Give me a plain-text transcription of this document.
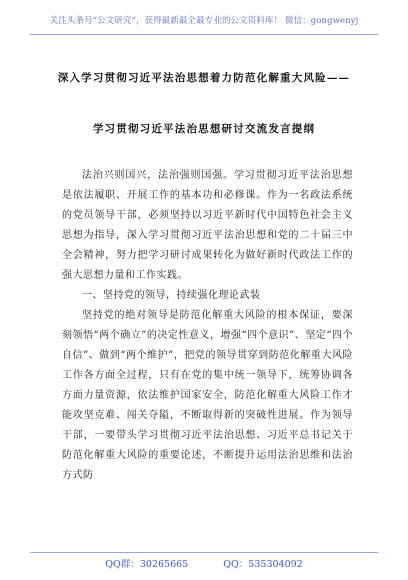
关注头条号“公文研究”，获得最新最全最专业的公文资料库！ 微信：gongwenyj
深入学习贯彻习近平法治思想着力防范化解重大风险——
学习贯彻习近平法治思想研讨交流发言提纲

法治兴则国兴，法治强则国强。学习贯彻习近平法治思想是依法履职、开展工作的基本功和必修课。作为一名政法系统的党员领导干部，必须坚持以习近平新时代中国特色社会主义思想为指导，深入学习贯彻习近平法治思想和党的二十届三中全会精神，努力把学习研讨成果转化为做好新时代政法工作的强大思想力量和工作实践。

一、坚持党的领导，持续强化理论武装

坚持党的绝对领导是防范化解重大风险的根本保证，要深刻领悟“两个确立”的决定性意义，增强“四个意识”、坚定“四个自信”、做到“两个维护”，把党的领导贯穿到防范化解重大风险工作各方面全过程，只有在党的集中统一领导下，统筹协调各方面力量资源，依法维护国家安全，防范化解重大风险工作才能攻坚克难、闯关夺隘，不断取得新的突破性进展。作为领导干部，一要带头学习贯彻习近平法治思想、习近平总书记关于防范化解重大风险的重要论述，不断提升运用法治思维和法治方式防

QQ群：30265665	QQ：535304092
